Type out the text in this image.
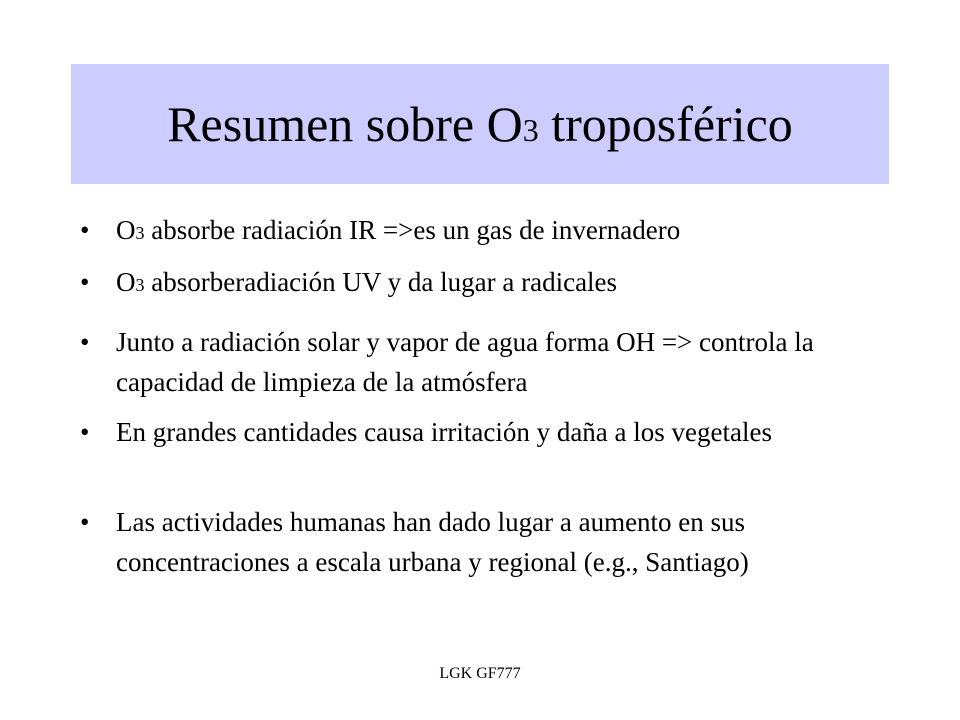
Resumen sobre O3 troposférico
• O3 absorbe radiación IR =>es un gas de invernadero
• O3 absorberadiación UV y da lugar a radicales
• Junto a radiación solar y vapor de agua forma OH => controla la capacidad de limpieza de la atmósfera
• En grandes cantidades causa irritación y daña a los vegetales
• Las actividades humanas han dado lugar a aumento en sus concentraciones a escala urbana y regional (e.g., Santiago)
LGK GF777
